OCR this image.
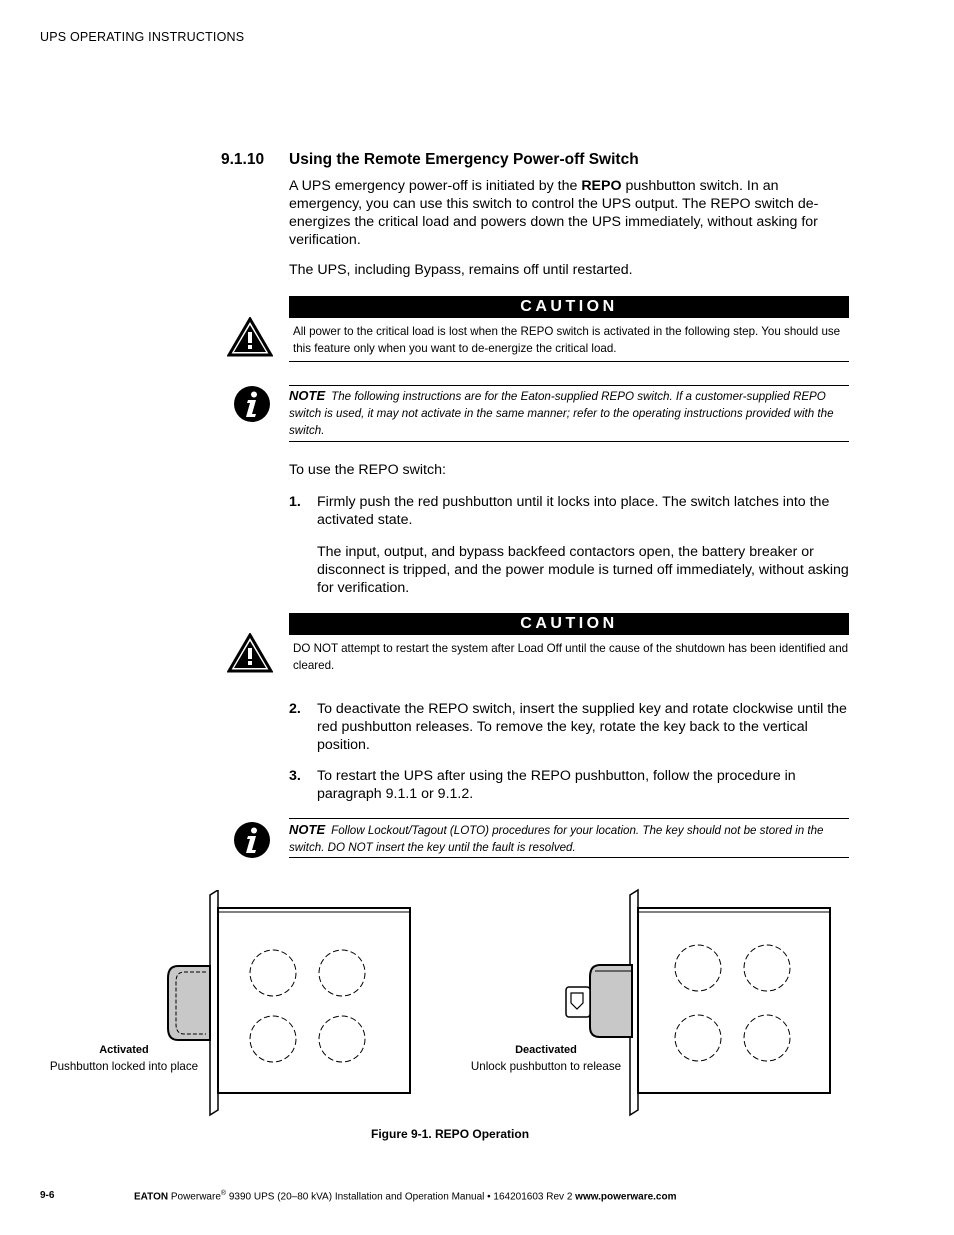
UPS OPERATING INSTRUCTIONS
9.1.10 Using the Remote Emergency Power-off Switch
A UPS emergency power-off is initiated by the REPO pushbutton switch. In an emergency, you can use this switch to control the UPS output. The REPO switch de-energizes the critical load and powers down the UPS immediately, without asking for verification.
The UPS, including Bypass, remains off until restarted.
CAUTION
All power to the critical load is lost when the REPO switch is activated in the following step. You should use this feature only when you want to de-energize the critical load.
NOTE The following instructions are for the Eaton-supplied REPO switch. If a customer-supplied REPO switch is used, it may not activate in the same manner; refer to the operating instructions provided with the switch.
To use the REPO switch:
1. Firmly push the red pushbutton until it locks into place. The switch latches into the activated state.
The input, output, and bypass backfeed contactors open, the battery breaker or disconnect is tripped, and the power module is turned off immediately, without asking for verification.
CAUTION
DO NOT attempt to restart the system after Load Off until the cause of the shutdown has been identified and cleared.
2. To deactivate the REPO switch, insert the supplied key and rotate clockwise until the red pushbutton releases. To remove the key, rotate the key back to the vertical position.
3. To restart the UPS after using the REPO pushbutton, follow the procedure in paragraph 9.1.1 or 9.1.2.
NOTE Follow Lockout/Tagout (LOTO) procedures for your location. The key should not be stored in the switch. DO NOT insert the key until the fault is resolved.
Activated
Pushbutton locked into place
Deactivated
Unlock pushbutton to release
Figure 9-1. REPO Operation
9-6	EATON Powerware® 9390 UPS (20–80 kVA) Installation and Operation Manual • 164201603 Rev 2 www.powerware.com
